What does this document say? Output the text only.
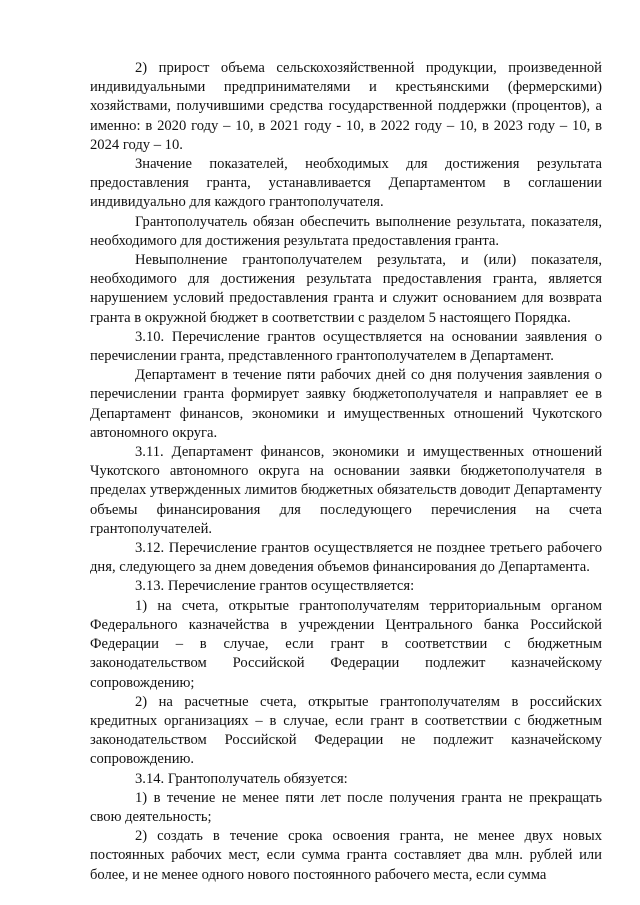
2) прирост объема сельскохозяйственной продукции, произведенной индивидуальными предпринимателями и крестьянскими (фермерскими) хозяйствами, получившими средства государственной поддержки (процентов), а именно: в 2020 году – 10, в 2021 году - 10, в 2022 году – 10, в 2023 году – 10, в 2024 году – 10.

Значение показателей, необходимых для достижения результата предоставления гранта, устанавливается Департаментом в соглашении индивидуально для каждого грантополучателя.

Грантополучатель обязан обеспечить выполнение результата, показателя, необходимого для достижения результата предоставления гранта.

Невыполнение грантополучателем результата, и (или) показателя, необходимого для достижения результата предоставления гранта, является нарушением условий предоставления гранта и служит основанием для возврата гранта в окружной бюджет в соответствии с разделом 5 настоящего Порядка.

3.10. Перечисление грантов осуществляется на основании заявления о перечислении гранта, представленного грантополучателем в Департамент.

Департамент в течение пяти рабочих дней со дня получения заявления о перечислении гранта формирует заявку бюджетополучателя и направляет ее в Департамент финансов, экономики и имущественных отношений Чукотского автономного округа.

3.11. Департамент финансов, экономики и имущественных отношений Чукотского автономного округа на основании заявки бюджетополучателя в пределах утвержденных лимитов бюджетных обязательств доводит Департаменту объемы финансирования для последующего перечисления на счета грантополучателей.

3.12. Перечисление грантов осуществляется не позднее третьего рабочего дня, следующего за днем доведения объемов финансирования до Департамента.

3.13. Перечисление грантов осуществляется:

1) на счета, открытые грантополучателям территориальным органом Федерального казначейства в учреждении Центрального банка Российской Федерации – в случае, если грант в соответствии с бюджетным законодательством Российской Федерации подлежит казначейскому сопровождению;

2) на расчетные счета, открытые грантополучателям в российских кредитных организациях – в случае, если грант в соответствии с бюджетным законодательством Российской Федерации не подлежит казначейскому сопровождению.

3.14. Грантополучатель обязуется:

1) в течение не менее пяти лет после получения гранта не прекращать свою деятельность;

2) создать в течение срока освоения гранта, не менее двух новых постоянных рабочих мест, если сумма гранта составляет два млн. рублей или более, и не менее одного нового постоянного рабочего места, если сумма
